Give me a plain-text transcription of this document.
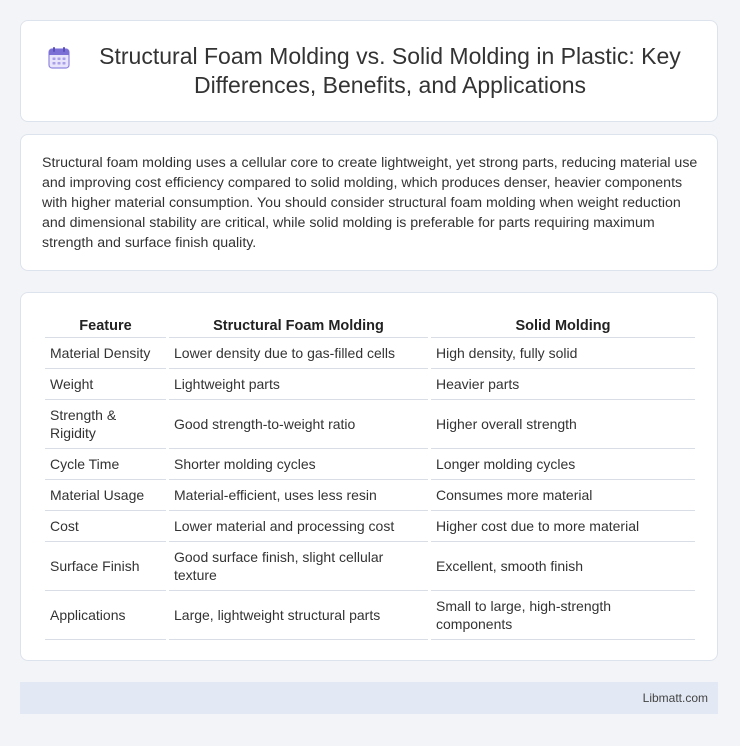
Structural Foam Molding vs. Solid Molding in Plastic: Key Differences, Benefits, and Applications

Structural foam molding uses a cellular core to create lightweight, yet strong parts, reducing material use and improving cost efficiency compared to solid molding, which produces denser, heavier components with higher material consumption. You should consider structural foam molding when weight reduction and dimensional stability are critical, while solid molding is preferable for parts requiring maximum strength and surface finish quality.

Feature	Structural Foam Molding	Solid Molding
Material Density	Lower density due to gas-filled cells	High density, fully solid
Weight	Lightweight parts	Heavier parts
Strength & Rigidity	Good strength-to-weight ratio	Higher overall strength
Cycle Time	Shorter molding cycles	Longer molding cycles
Material Usage	Material-efficient, uses less resin	Consumes more material
Cost	Lower material and processing cost	Higher cost due to more material
Surface Finish	Good surface finish, slight cellular texture	Excellent, smooth finish
Applications	Large, lightweight structural parts	Small to large, high-strength components
Libmatt.com
